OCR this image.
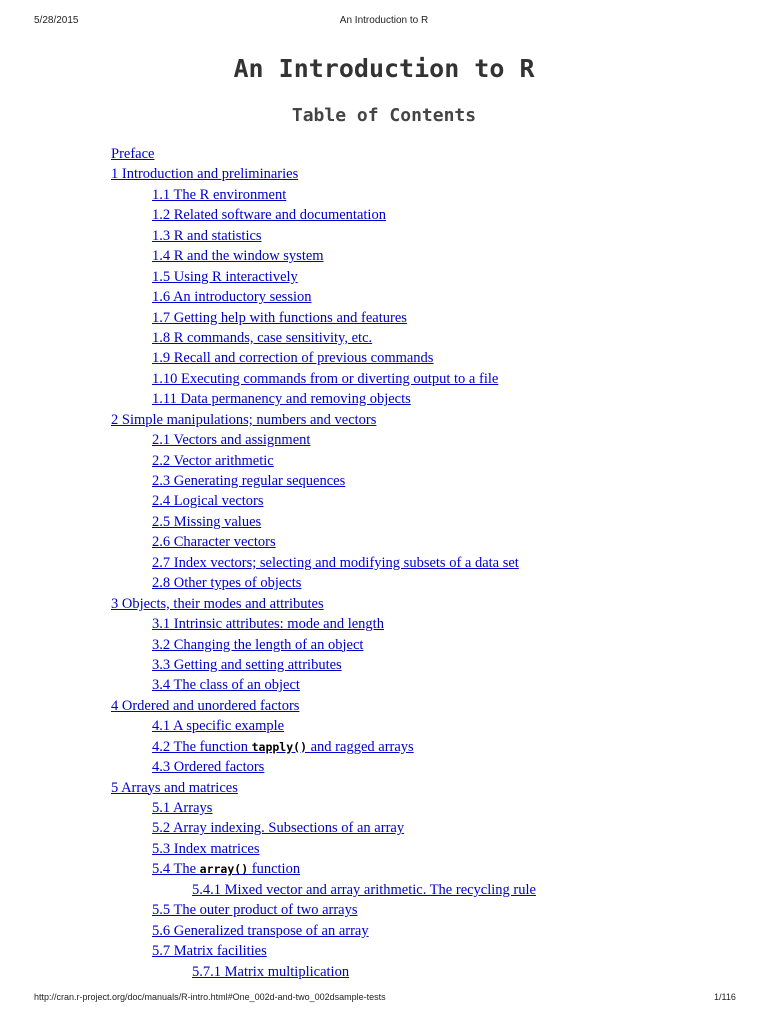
5/28/2015	An Introduction to R
An Introduction to R
Table of Contents
Preface
1 Introduction and preliminaries
1.1 The R environment
1.2 Related software and documentation
1.3 R and statistics
1.4 R and the window system
1.5 Using R interactively
1.6 An introductory session
1.7 Getting help with functions and features
1.8 R commands, case sensitivity, etc.
1.9 Recall and correction of previous commands
1.10 Executing commands from or diverting output to a file
1.11 Data permanency and removing objects
2 Simple manipulations; numbers and vectors
2.1 Vectors and assignment
2.2 Vector arithmetic
2.3 Generating regular sequences
2.4 Logical vectors
2.5 Missing values
2.6 Character vectors
2.7 Index vectors; selecting and modifying subsets of a data set
2.8 Other types of objects
3 Objects, their modes and attributes
3.1 Intrinsic attributes: mode and length
3.2 Changing the length of an object
3.3 Getting and setting attributes
3.4 The class of an object
4 Ordered and unordered factors
4.1 A specific example
4.2 The function tapply() and ragged arrays
4.3 Ordered factors
5 Arrays and matrices
5.1 Arrays
5.2 Array indexing. Subsections of an array
5.3 Index matrices
5.4 The array() function
5.4.1 Mixed vector and array arithmetic. The recycling rule
5.5 The outer product of two arrays
5.6 Generalized transpose of an array
5.7 Matrix facilities
5.7.1 Matrix multiplication
http://cran.r-project.org/doc/manuals/R-intro.html#One_002d-and-two_002dsample-tests	1/116
